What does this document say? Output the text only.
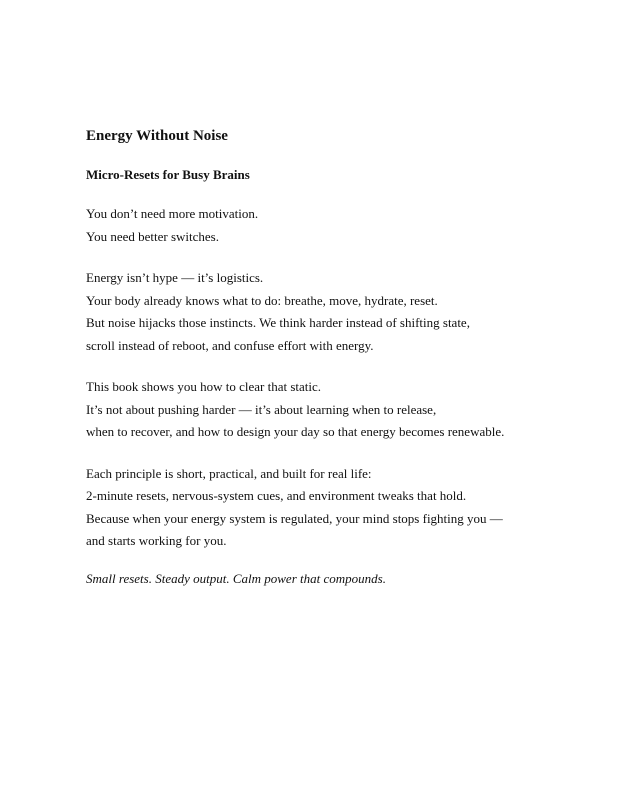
Energy Without Noise
Micro-Resets for Busy Brains
You don’t need more motivation.
You need better switches.
Energy isn’t hype — it’s logistics.
Your body already knows what to do: breathe, move, hydrate, reset.
But noise hijacks those instincts. We think harder instead of shifting state,
scroll instead of reboot, and confuse effort with energy.
This book shows you how to clear that static.
It’s not about pushing harder — it’s about learning when to release,
when to recover, and how to design your day so that energy becomes renewable.
Each principle is short, practical, and built for real life:
2-minute resets, nervous-system cues, and environment tweaks that hold.
Because when your energy system is regulated, your mind stops fighting you —
and starts working for you.

Small resets. Steady output. Calm power that compounds.
